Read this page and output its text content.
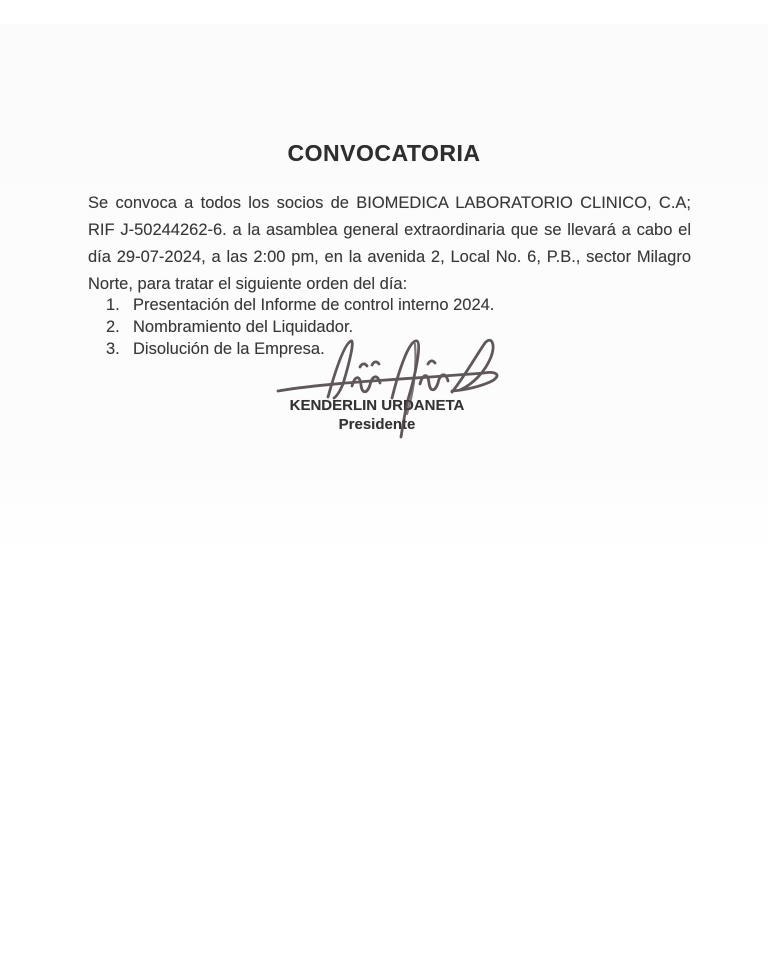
CONVOCATORIA
Se convoca a todos los socios de BIOMEDICA LABORATORIO CLINICO, C.A; RIF J-50244262-6. a la asamblea general extraordinaria que se llevará a cabo el día 29-07-2024, a las 2:00 pm, en la avenida 2, Local No. 6, P.B., sector Milagro Norte, para tratar el siguiente orden del día:
1. Presentación del Informe de control interno 2024.
2. Nombramiento del Liquidador.
3. Disolución de la Empresa.
KENDERLIN URDANETA
Presidente
